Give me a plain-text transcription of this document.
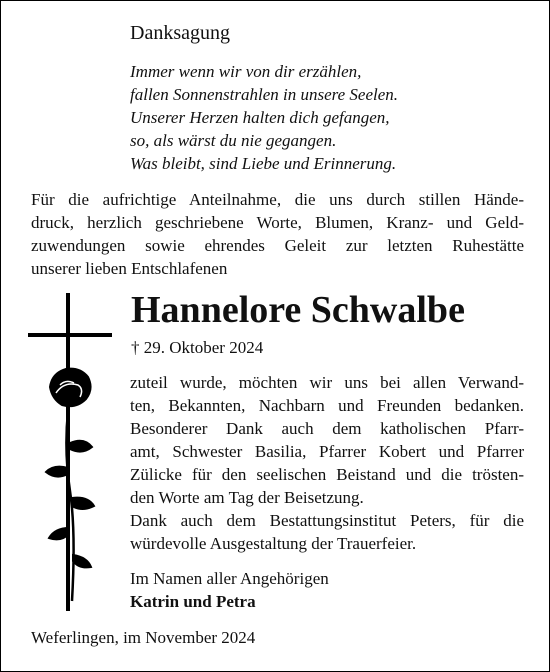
Danksagung
Immer wenn wir von dir erzählen,
fallen Sonnenstrahlen in unsere Seelen.
Unserer Herzen halten dich gefangen,
so, als wärst du nie gegangen.
Was bleibt, sind Liebe und Erinnerung.
Für die aufrichtige Anteilnahme, die uns durch stillen Hände-
druck, herzlich geschriebene Worte, Blumen, Kranz- und Geld-
zuwendungen sowie ehrendes Geleit zur letzten Ruhestätte
unserer lieben Entschlafenen
Hannelore Schwalbe
† 29. Oktober 2024
zuteil wurde, möchten wir uns bei allen Verwand-
ten, Bekannten, Nachbarn und Freunden bedanken.
Besonderer Dank auch dem katholischen Pfarr-
amt, Schwester Basilia, Pfarrer Kobert und Pfarrer
Zülicke für den seelischen Beistand und die trösten-
den Worte am Tag der Beisetzung.
Dank auch dem Bestattungsinstitut Peters, für die
würdevolle Ausgestaltung der Trauerfeier.
Im Namen aller Angehörigen
Katrin und Petra
Weferlingen, im November 2024
